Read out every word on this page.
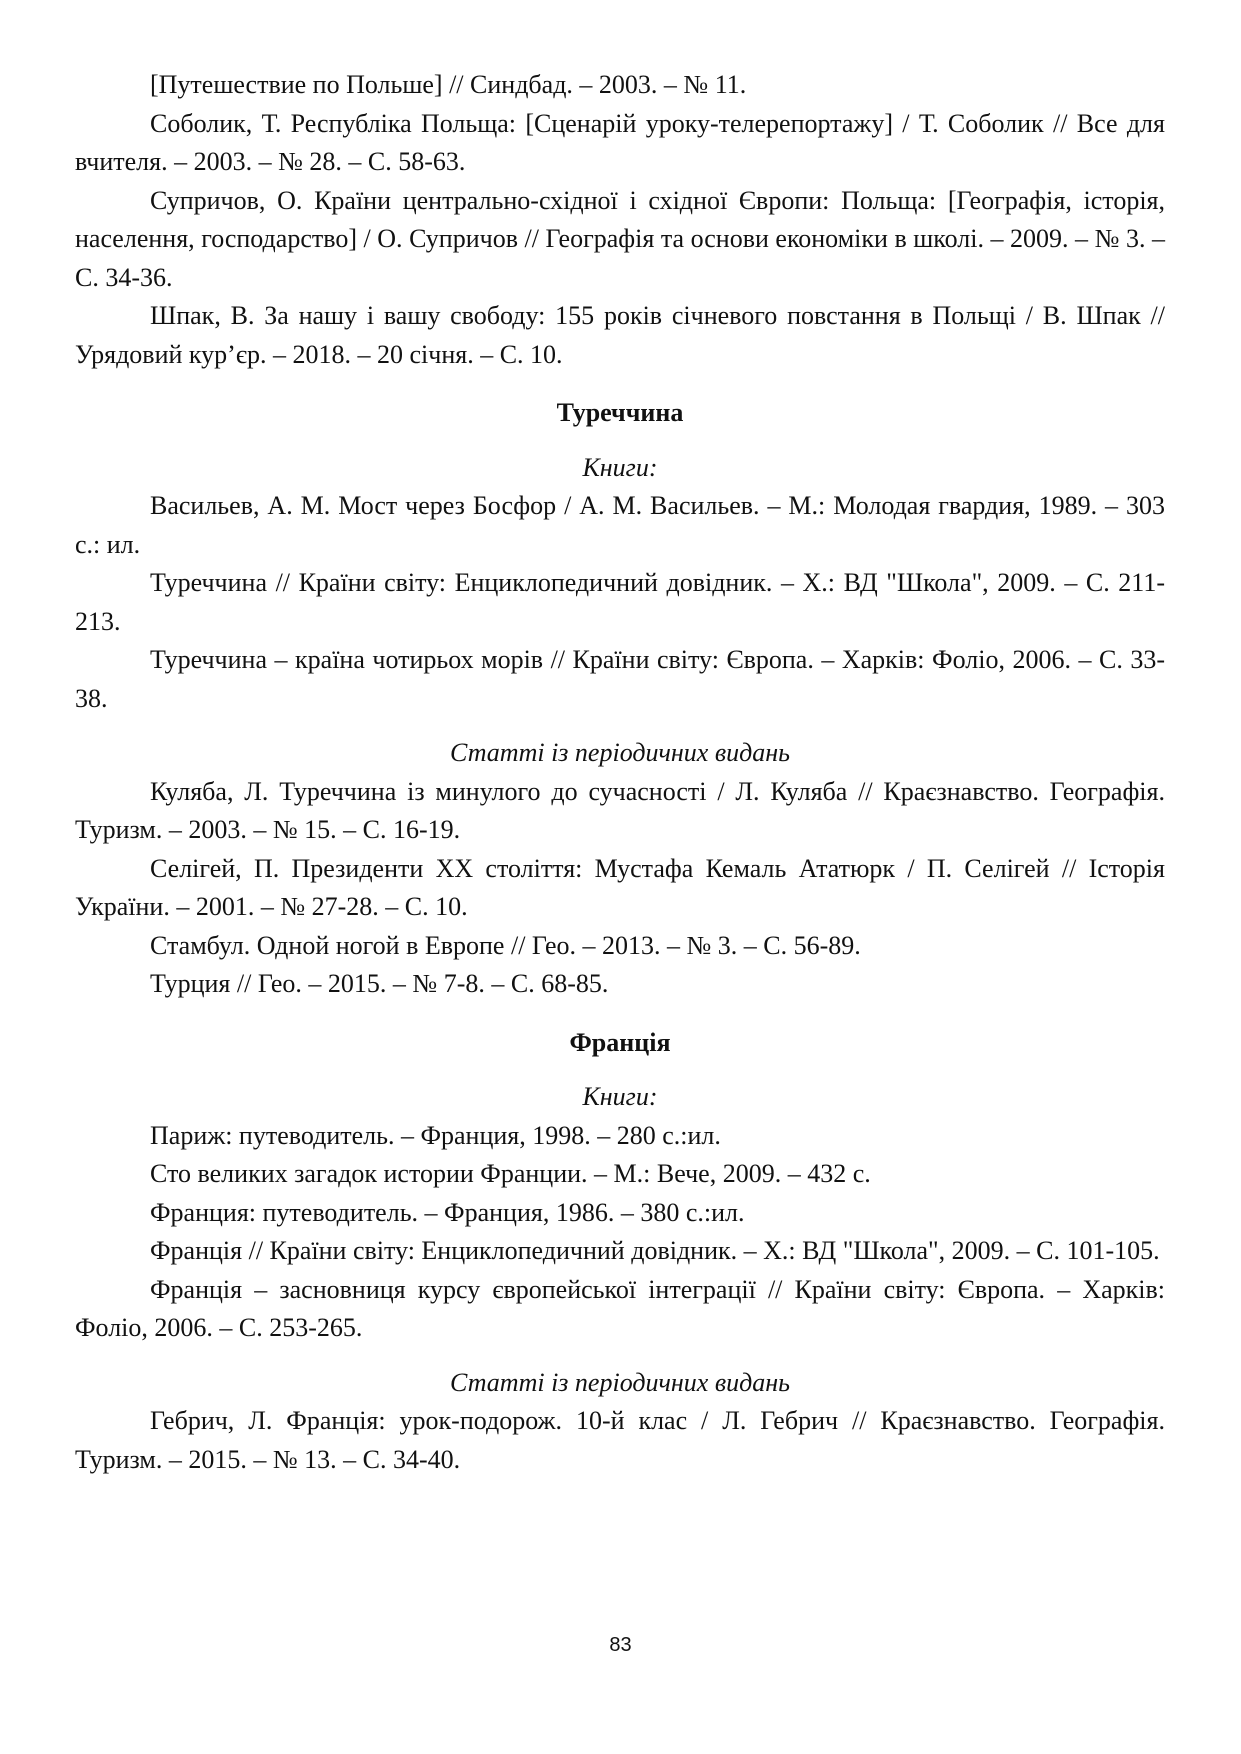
[Путешествие по Польше] // Синдбад. – 2003. – № 11.

Соболик, Т. Республіка Польща: [Сценарій уроку-телерепортажу] / Т. Соболик // Все для вчителя. – 2003. – № 28. – С. 58-63.

Супричов, О. Країни центрально-східної і східної Європи: Польща: [Географія, історія, населення, господарство] / О. Супричов // Географія та основи економіки в школі. – 2009. – № 3. – С. 34-36.

Шпак, В. За нашу і вашу свободу: 155 років січневого повстання в Польщі / В. Шпак // Урядовий кур’єр. – 2018. – 20 січня. – С. 10.

Туреччина
Книги:

Васильев, А. М. Мост через Босфор / А. М. Васильев. – М.: Молодая гвардия, 1989. – 303 с.: ил.

Туреччина // Країни світу: Енциклопедичний довідник. – Х.: ВД "Школа", 2009. – С. 211-213.

Туреччина – країна чотирьох морів // Країни світу: Європа. – Харків: Фоліо, 2006. – С. 33-38.

Статті із періодичних видань

Куляба, Л. Туреччина із минулого до сучасності / Л. Куляба // Краєзнавство. Географія. Туризм. – 2003. – № 15. – С. 16-19.

Селігей, П. Президенти ХХ століття: Мустафа Кемаль Ататюрк / П. Селігей // Історія України. – 2001. – № 27-28. – С. 10.

Стамбул. Одной ногой в Европе // Гео. – 2013. – № 3. – С. 56-89.

Турция // Гео. – 2015. – № 7-8. – С. 68-85.

Франція
Книги:

Париж: путеводитель. – Франция, 1998. – 280 с.:ил.

Сто великих загадок истории Франции. – М.: Вече, 2009. – 432 с.

Франция: путеводитель. – Франция, 1986. – 380 с.:ил.

Франція // Країни світу: Енциклопедичний довідник. – Х.: ВД "Школа", 2009. – С. 101-105.

Франція – засновниця курсу європейської інтеграції // Країни світу: Європа. – Харків: Фоліо, 2006. – С. 253-265.

Статті із періодичних видань

Гебрич, Л. Франція: урок-подорож. 10-й клас / Л. Гебрич // Краєзнавство. Географія. Туризм. – 2015. – № 13. – С. 34-40.

83
